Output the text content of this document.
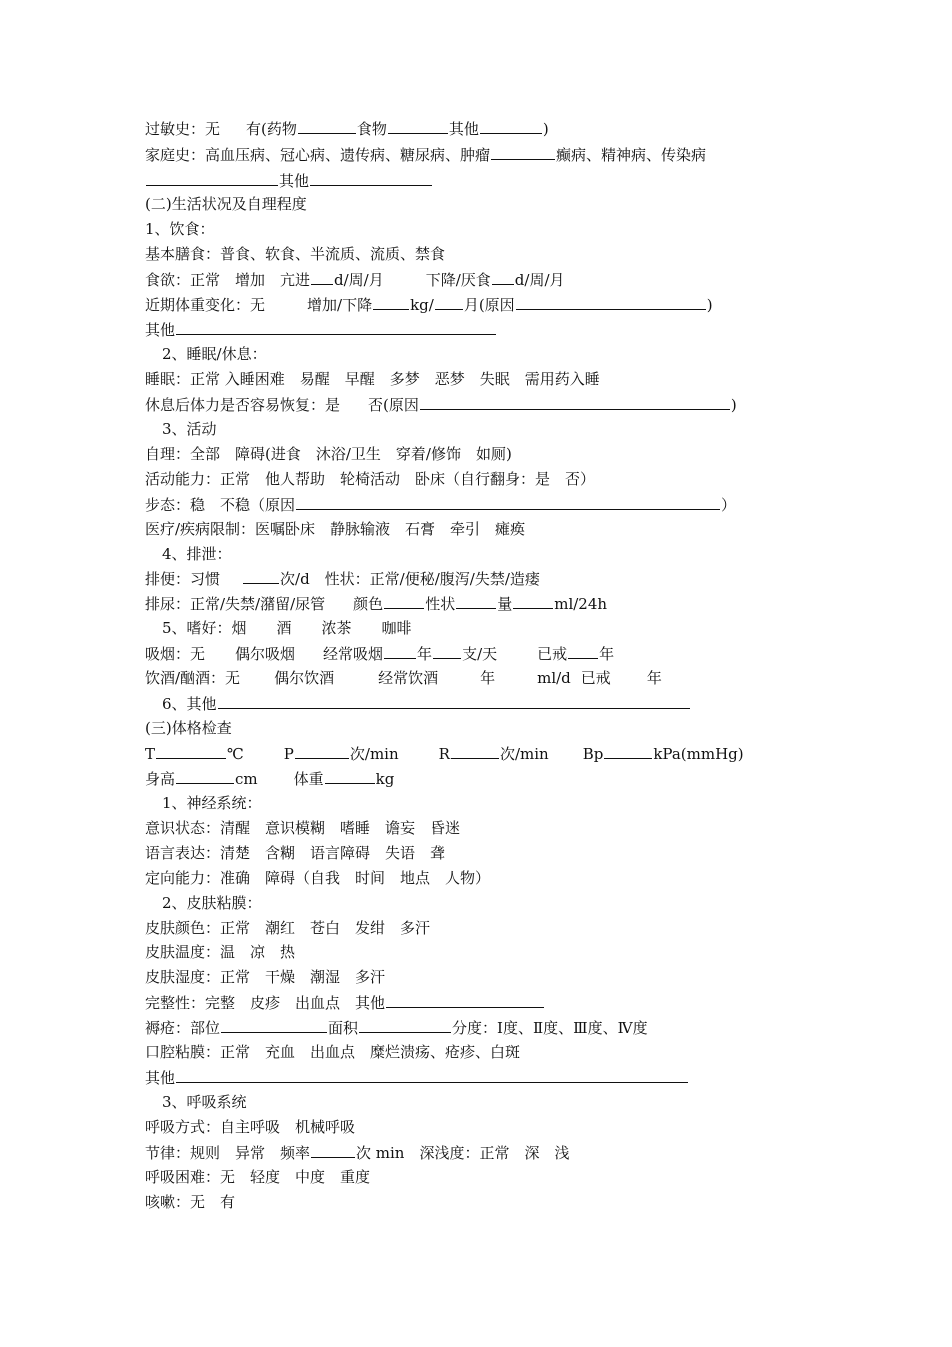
过敏史：无 有(药物	食物	其他	)
家庭史：高血压病、冠心病、遗传病、糖尿病、肿瘤	癫病、精神病、传染病
其他
(二)生活状况及自理程度
1、饮食：
基本膳食：普食、软食、半流质、流质、禁食
食欲：正常　增加　亢进 d/周/月	下降/厌食 d/周/月
近期体重变化：无	增加/下降	kg/ 月(原因	)
其他
2、睡眠/休息：
睡眠：正常 入睡困难　易醒　早醒　多梦　恶梦　失眠　需用药入睡
休息后体力是否容易恢复：是 否(原因	)
3、活动
自理：全部　障碍(进食　沐浴/卫生　穿着/修饰　如厕)
活动能力：正常　他人帮助　轮椅活动　卧床（自行翻身：是　否）
步态：稳　不稳（原因	）
医疗/疾病限制：医嘱卧床　静脉输液　石膏　牵引　瘫痪
4、排泄：
排便：习惯	次/d　性状：正常/便秘/腹泻/失禁/造瘘
排尿：正常/失禁/潴留/尿管 颜色	性状	量	ml/24h
5、嗜好：烟　　酒　　浓茶　　咖啡
吸烟：无 偶尔吸烟 经常吸烟 年 支/天	已戒 年
饮酒/酗酒：无 偶尔饮酒	经常饮酒	年	ml/d 已戒 年
6、其他
(三)体格检查
T	℃	P	次/min	R	次/min Bp	kPa(mmHg)
身高	cm 体重	kg
1、神经系统：
意识状态：清醒　意识模糊　嗜睡　谵妄　昏迷
语言表达：清楚　含糊　语言障碍　失语　聋
定向能力：准确　障碍（自我　时间　地点　人物）
2、皮肤粘膜：
皮肤颜色：正常　潮红　苍白　发绀　多汗
皮肤温度：温　凉　热
皮肤湿度：正常　干燥　潮湿　多汗
完整性：完整　皮疹　出血点　其他
褥疮：部位	面积	分度：Ⅰ度、Ⅱ度、Ⅲ度、Ⅳ度
口腔粘膜：正常　充血　出血点　糜烂溃疡、疮疹、白斑
其他
3、呼吸系统
呼吸方式：自主呼吸　机械呼吸
节律：规则　异常　频率	次 min　深浅度：正常　深　浅
呼吸困难：无　轻度　中度　重度
咳嗽：无　有
